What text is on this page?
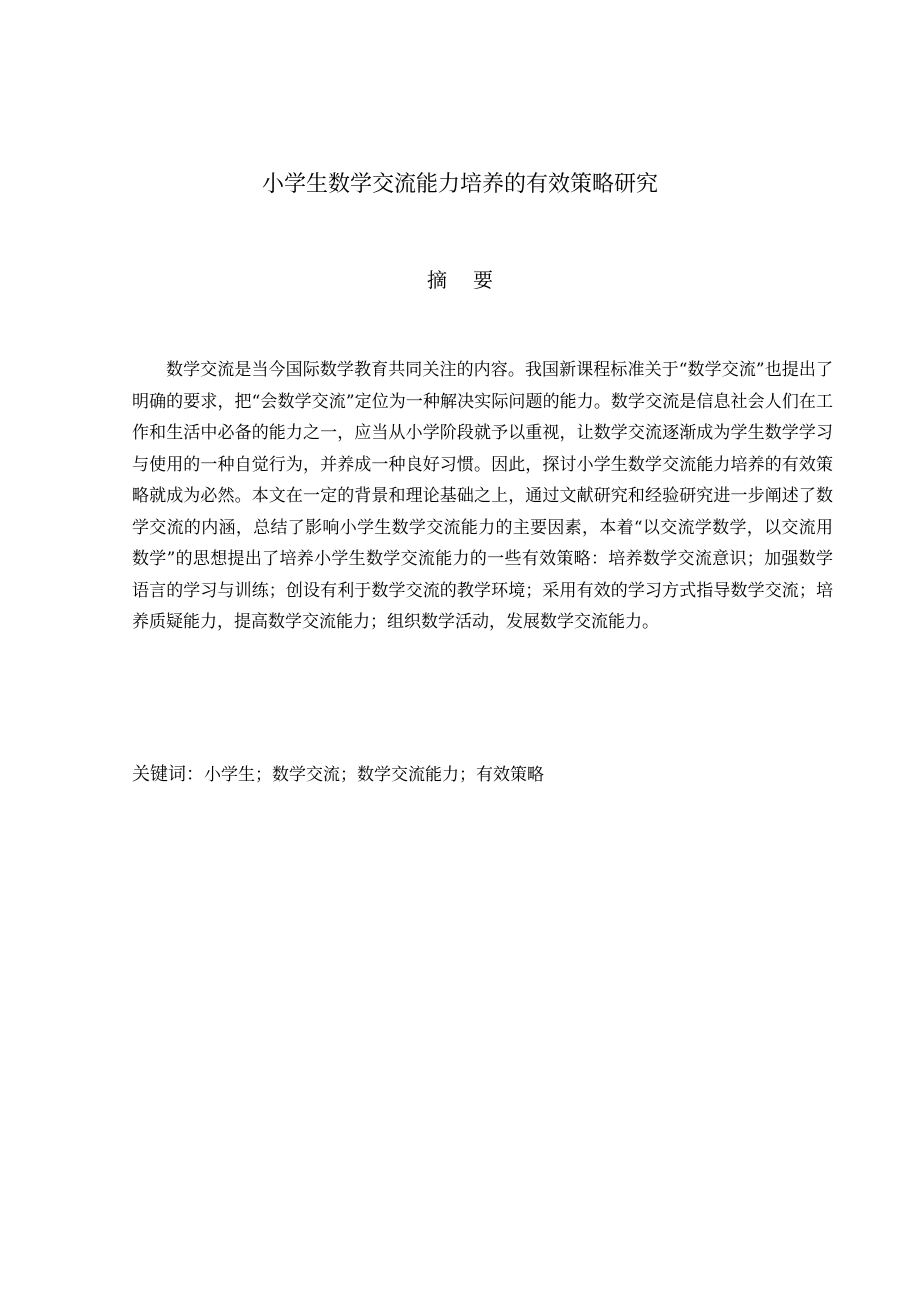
小学生数学交流能力培养的有效策略研究
摘要

数学交流是当今国际数学教育共同关注的内容。我国新课程标准关于“数学交流”也提出了明确的要求，把“会数学交流”定位为一种解决实际问题的能力。数学交流是信息社会人们在工作和生活中必备的能力之一，应当从小学阶段就予以重视，让数学交流逐渐成为学生数学学习与使用的一种自觉行为，并养成一种良好习惯。因此，探讨小学生数学交流能力培养的有效策略就成为必然。本文在一定的背景和理论基础之上，通过文献研究和经验研究进一步阐述了数学交流的内涵，总结了影响小学生数学交流能力的主要因素，本着“以交流学数学，以交流用数学”的思想提出了培养小学生数学交流能力的一些有效策略：培养数学交流意识；加强数学语言的学习与训练；创设有利于数学交流的教学环境；采用有效的学习方式指导数学交流；培养质疑能力，提高数学交流能力；组织数学活动，发展数学交流能力。

关键词：小学生；数学交流；数学交流能力；有效策略
